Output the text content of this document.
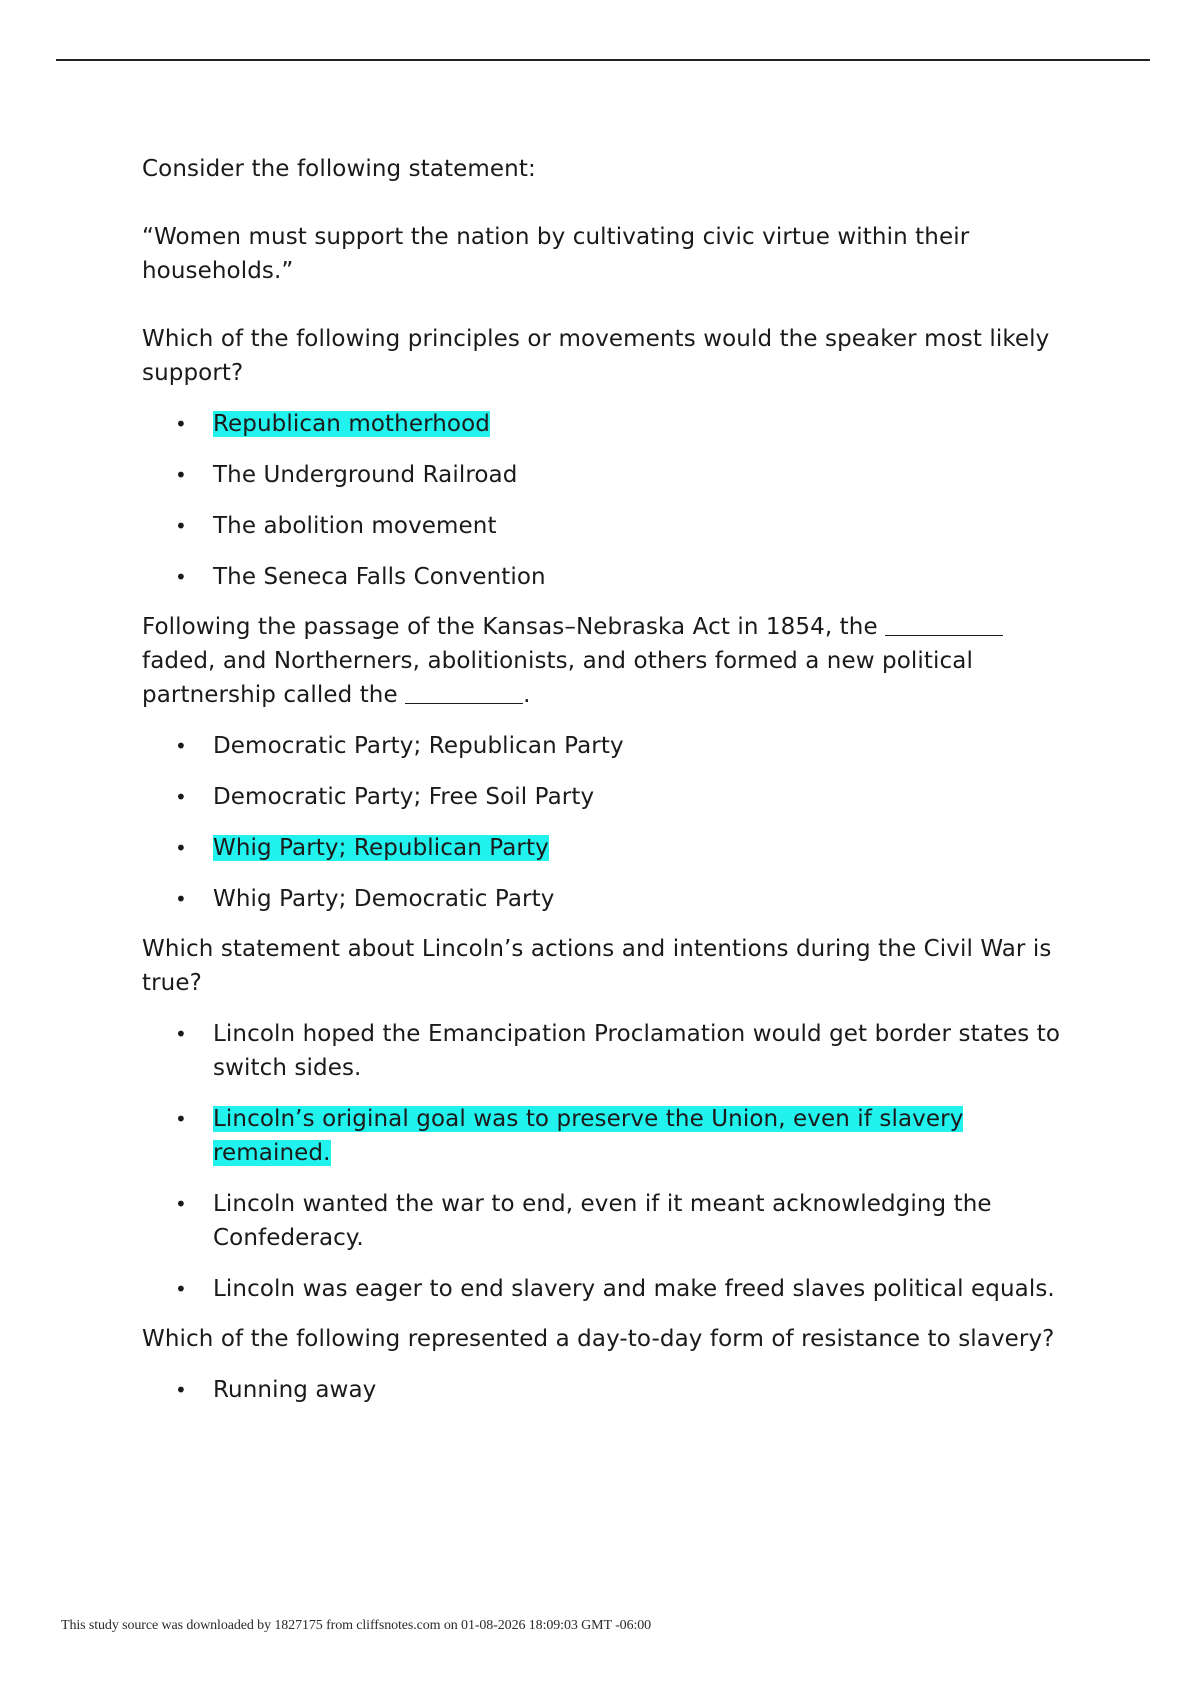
Consider the following statement:

“Women must support the nation by cultivating civic virtue within their households.”

Which of the following principles or movements would the speaker most likely support?

• Republican motherhood
• The Underground Railroad
• The abolition movement
• The Seneca Falls Convention

Following the passage of the Kansas–Nebraska Act in 1854, the  faded, and Northerners, abolitionists, and others formed a new political partnership called the	.

• Democratic Party; Republican Party
• Democratic Party; Free Soil Party
• Whig Party; Republican Party
• Whig Party; Democratic Party

Which statement about Lincoln’s actions and intentions during the Civil War is true?

• Lincoln hoped the Emancipation Proclamation would get border states to switch sides.
• Lincoln’s original goal was to preserve the Union, even if slavery remained.
• Lincoln wanted the war to end, even if it meant acknowledging the Confederacy.
• Lincoln was eager to end slavery and make freed slaves political equals.

Which of the following represented a day-to-day form of resistance to slavery?

• Running away
This study source was downloaded by 1827175 from cliffsnotes.com on 01-08-2026 18:09:03 GMT -06:00
